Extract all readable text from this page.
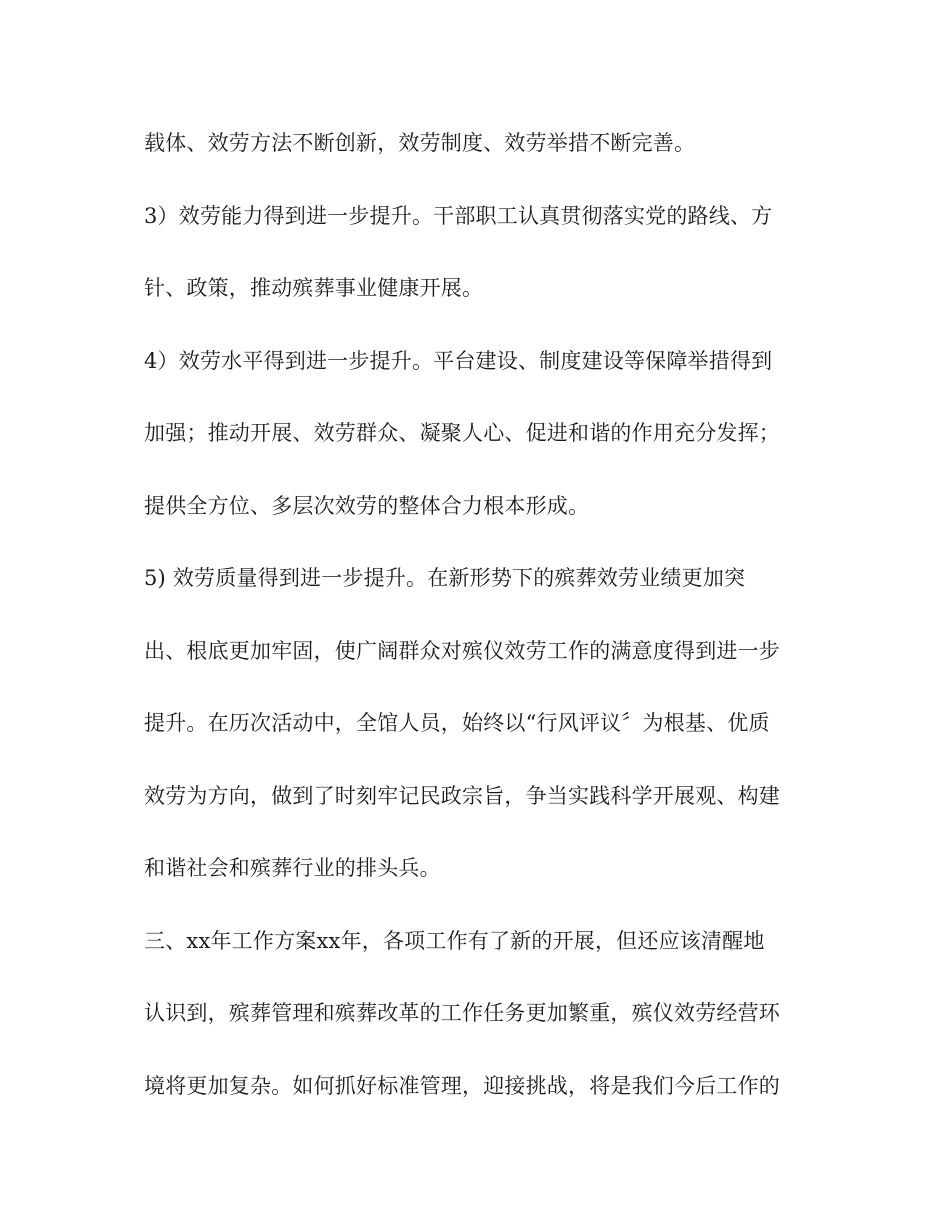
载体、效劳方法不断创新，效劳制度、效劳举措不断完善。
3）效劳能力得到进一步提升。干部职工认真贯彻落实党的路线、方
针、政策，推动殡葬事业健康开展。
4）效劳水平得到进一步提升。平台建设、制度建设等保障举措得到
加强；推动开展、效劳群众、凝聚人心、促进和谐的作用充分发挥；
提供全方位、多层次效劳的整体合力根本形成。
5) 效劳质量得到进一步提升。在新形势下的殡葬效劳业绩更加突
出、根底更加牢固，使广阔群众对殡仪效劳工作的满意度得到进一步
提升。在历次活动中，全馆人员，始终以“行风评议〞为根基、优质
效劳为方向，做到了时刻牢记民政宗旨，争当实践科学开展观、构建
和谐社会和殡葬行业的排头兵。
三、xx年工作方案xx年，各项工作有了新的开展，但还应该清醒地
认识到，殡葬管理和殡葬改革的工作任务更加繁重，殡仪效劳经营环
境将更加复杂。如何抓好标准管理，迎接挑战，将是我们今后工作的
